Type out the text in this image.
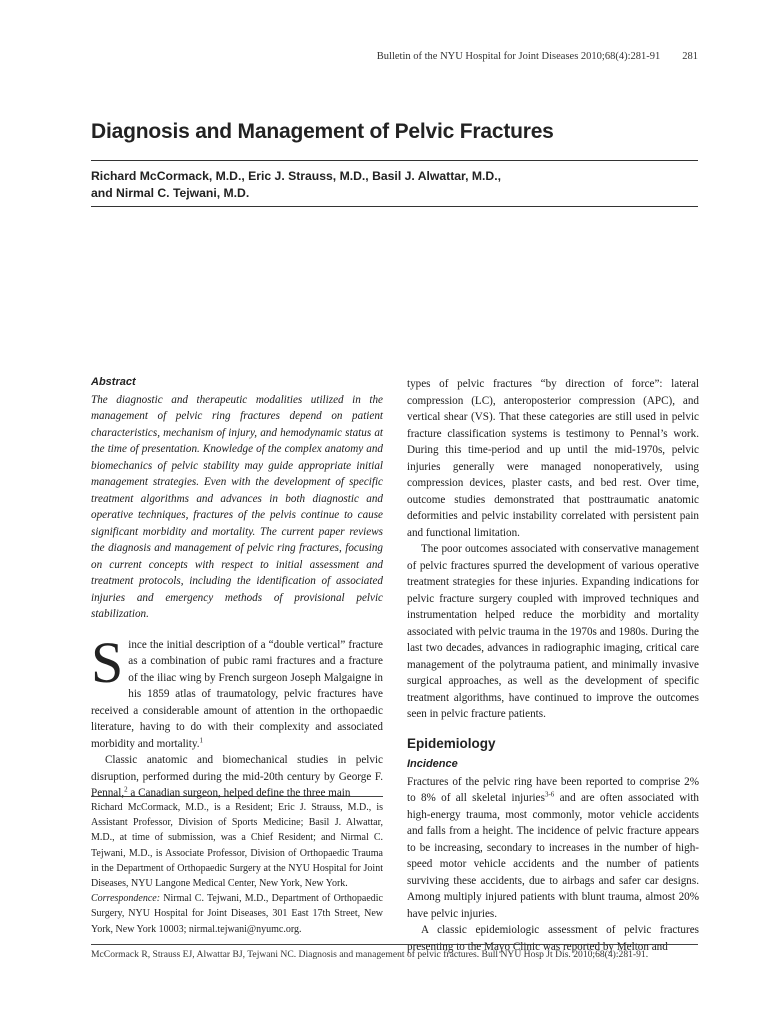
Bulletin of the NYU Hospital for Joint Diseases 2010;68(4):281-91 281
Diagnosis and Management of Pelvic Fractures
Richard McCormack, M.D., Eric J. Strauss, M.D., Basil J. Alwattar, M.D.,
and Nirmal C. Tejwani, M.D.
Abstract

The diagnostic and therapeutic modalities utilized in the management of pelvic ring fractures depend on patient characteristics, mechanism of injury, and hemodynamic status at the time of presentation. Knowledge of the complex anatomy and biomechanics of pelvic stability may guide appropriate initial management strategies. Even with the development of specific treatment algorithms and advances in both diagnostic and operative techniques, fractures of the pelvis continue to cause significant morbidity and mortality. The current paper reviews the diagnosis and management of pelvic ring fractures, focusing on current concepts with respect to initial assessment and treatment protocols, including the identification of associated injuries and emergency methods of provisional pelvic stabilization.

Since the initial description of a “double vertical” fracture as a combination of pubic rami fractures and a fracture of the iliac wing by French surgeon Joseph Malgaigne in his 1859 atlas of traumatology, pelvic fractures have received a considerable amount of attention in the orthopaedic literature, having to do with their complexity and associated morbidity and mortality.$^1$

Classic anatomic and biomechanical studies in pelvic disruption, performed during the mid-20th century by George F. Pennal,$^2$ a Canadian surgeon, helped define the three main

Richard McCormack, M.D., is a Resident; Eric J. Strauss, M.D., is Assistant Professor, Division of Sports Medicine; Basil J. Alwattar, M.D., at time of submission, was a Chief Resident; and Nirmal C. Tejwani, M.D., is Associate Professor, Division of Orthopaedic Trauma in the Department of Orthopaedic Surgery at the NYU Hospital for Joint Diseases, NYU Langone Medical Center, New York, New York.

Correspondence: Nirmal C. Tejwani, M.D., Department of Orthopaedic Surgery, NYU Hospital for Joint Diseases, 301 East 17th Street, New York, New York 10003; nirmal.tejwani@nyumc.org.

types of pelvic fractures “by direction of force”: lateral compression (LC), anteroposterior compression (APC), and vertical shear (VS). That these categories are still used in pelvic fracture classification systems is testimony to Pennal’s work. During this time-period and up until the mid-1970s, pelvic injuries generally were managed nonoperatively, using compression devices, plaster casts, and bed rest. Over time, outcome studies demonstrated that posttraumatic anatomic deformities and pelvic instability correlated with persistent pain and functional limitation.

The poor outcomes associated with conservative management of pelvic fractures spurred the development of various operative treatment strategies for these injuries. Expanding indications for pelvic fracture surgery coupled with improved techniques and instrumentation helped reduce the morbidity and mortality associated with pelvic trauma in the 1970s and 1980s. During the last two decades, advances in radiographic imaging, critical care management of the polytrauma patient, and minimally invasive surgical approaches, as well as the development of specific treatment algorithms, have continued to improve the outcomes seen in pelvic fracture patients.

Epidemiology
Incidence

Fractures of the pelvic ring have been reported to comprise 2% to 8% of all skeletal injuries$^{3-6}$ and are often associated with high-energy trauma, most commonly, motor vehicle accidents and falls from a height. The incidence of pelvic fracture appears to be increasing, secondary to increases in the number of high-speed motor vehicle accidents and the number of patients surviving these accidents, due to airbags and safer car designs. Among multiply injured patients with blunt trauma, almost 20% have pelvic injuries.

A classic epidemiologic assessment of pelvic fractures presenting to the Mayo Clinic was reported by Melton and

McCormack R, Strauss EJ, Alwattar BJ, Tejwani NC. Diagnosis and management of pelvic fractures. Bull NYU Hosp Jt Dis. 2010;68(4):281-91.
